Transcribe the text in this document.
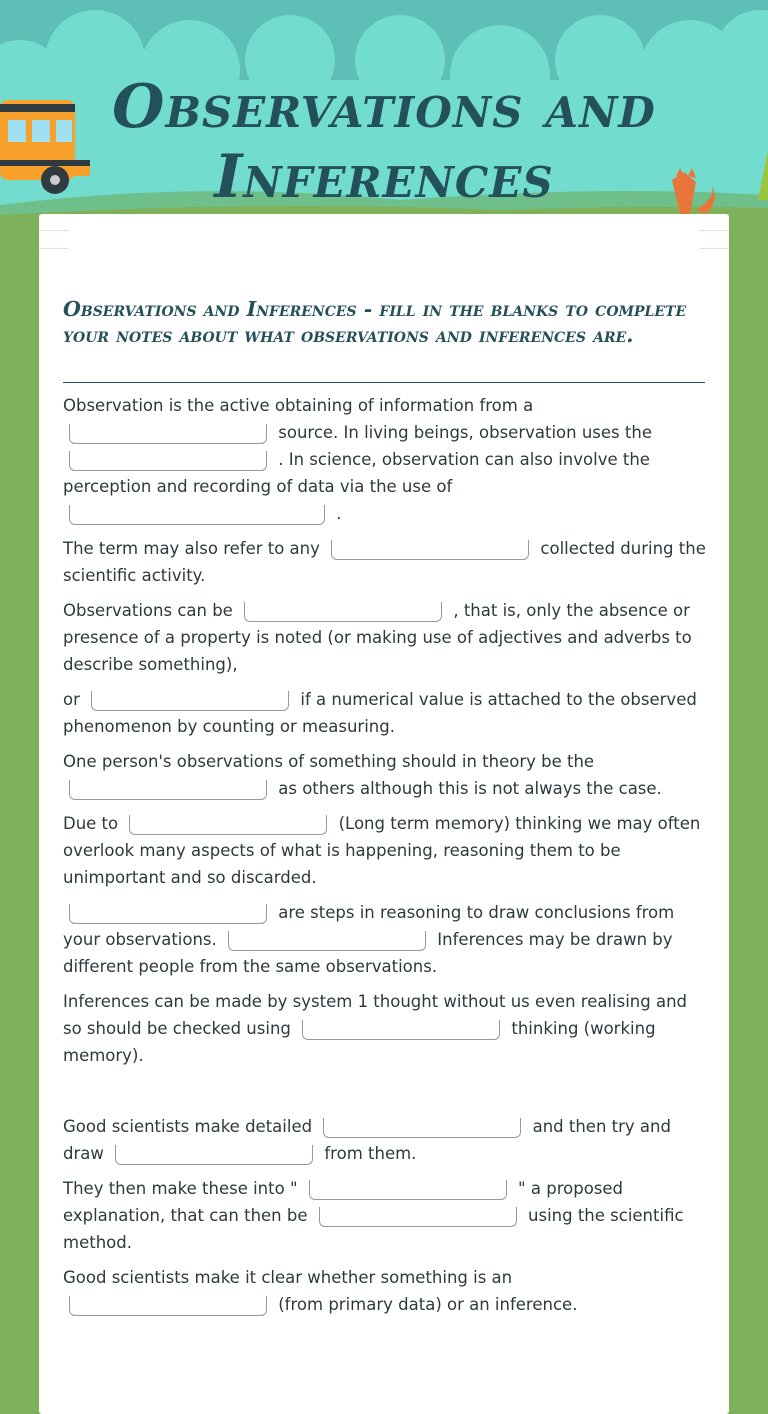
Observations and
Inferences
Observations and Inferences - fill in the blanks to complete your notes about what observations and inferences are.

Observation is the active obtaining of information from a
source. In living beings, observation uses the
. In science, observation can also involve the perception and recording of data via the use of
.

The term may also refer to any	collected during the scientific activity.

Observations can be	, that is, only the absence or presence of a property is noted (or making use of adjectives and adverbs to describe something),

or	if a numerical value is attached to the observed phenomenon by counting or measuring.

One person's observations of something should in theory be the
as others although this is not always the case.

Due to	(Long term memory) thinking we may often overlook many aspects of what is happening, reasoning them to be unimportant and so discarded.

are steps in reasoning to draw conclusions from your observations.	Inferences may be drawn by different people from the same observations.

Inferences can be made by system 1 thought without us even realising and so should be checked using	thinking (working memory).

Good scientists make detailed	and then try and draw	from them.

They then make these into "	" a proposed explanation, that can then be	using the scientific method.

Good scientists make it clear whether something is an
(from primary data) or an inference.
